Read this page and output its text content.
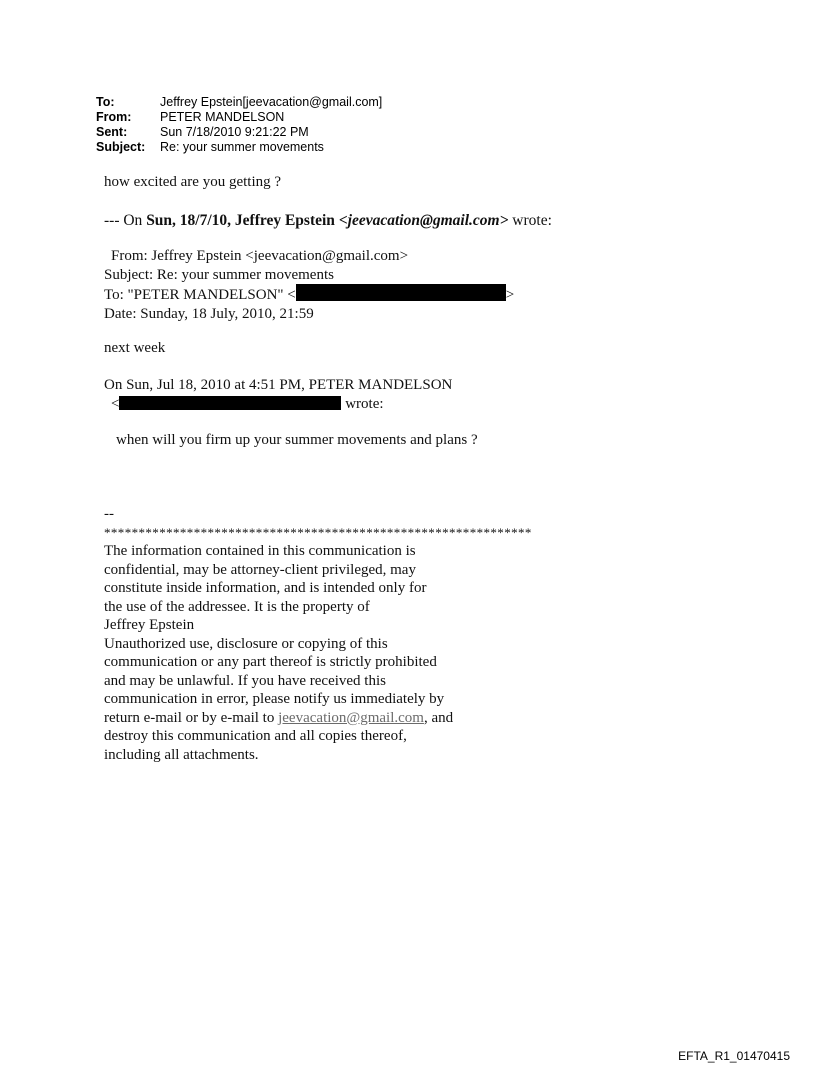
To:	Jeffrey Epstein[jeevacation@gmail.com]
From:	PETER MANDELSON
Sent:	Sun 7/18/2010 9:21:22 PM
Subject:	Re: your summer movements
how excited are you getting ?
--- On Sun, 18/7/10, Jeffrey Epstein <jeevacation@gmail.com> wrote:
From: Jeffrey Epstein <jeevacation@gmail.com>
Subject: Re: your summer movements
To: "PETER MANDELSON" <	>
Date: Sunday, 18 July, 2010, 21:59
next week
On Sun, Jul 18, 2010 at 4:51 PM, PETER MANDELSON
<	wrote:
when will you firm up your summer movements and plans ?
--
**************************************************************
The information contained in this communication is
confidential, may be attorney-client privileged, may
constitute inside information, and is intended only for
the use of the addressee. It is the property of
Jeffrey Epstein
Unauthorized use, disclosure or copying of this
communication or any part thereof is strictly prohibited
and may be unlawful. If you have received this
communication in error, please notify us immediately by
return e-mail or by e-mail to jeevacation@gmail.com, and
destroy this communication and all copies thereof,
including all attachments.
EFTA_R1_01470415
